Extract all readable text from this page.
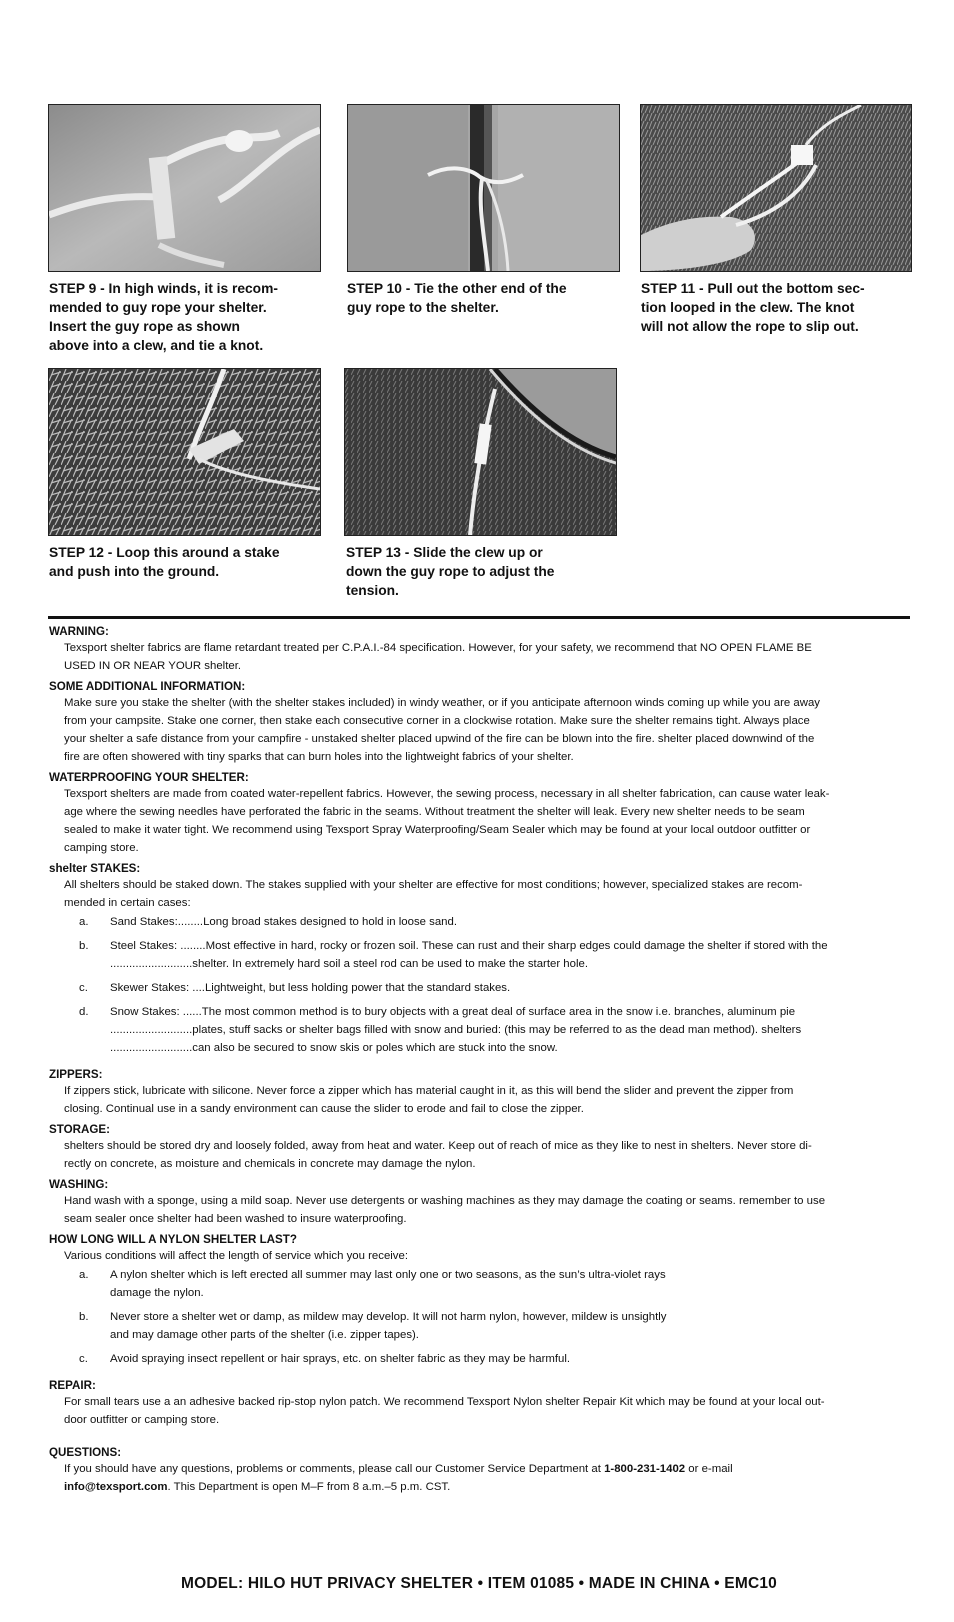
STEP 9 - In high winds, it is recom-
mended to guy rope your shelter.
Insert the guy rope as shown
above into a clew, and tie a knot.
STEP 10 - Tie the other end of the
guy rope to the shelter.
STEP 11 - Pull out the bottom sec-
tion looped in the clew. The knot
will not allow the rope to slip out.
STEP 12 - Loop this around a stake
and push into the ground.
STEP 13 - Slide the clew up or
down the guy rope to adjust the
tension.
WARNING:
Texsport shelter fabrics are flame retardant treated per C.P.A.I.-84 specification. However, for your safety, we recommend that NO OPEN FLAME BE
USED IN OR NEAR YOUR shelter.
SOME ADDITIONAL INFORMATION:
Make sure you stake the shelter (with the shelter stakes included) in windy weather, or if you anticipate afternoon winds coming up while you are away
from your campsite. Stake one corner, then stake each consecutive corner in a clockwise rotation. Make sure the shelter remains tight. Always place
your shelter a safe distance from your campfire - unstaked shelter placed upwind of the fire can be blown into the fire. shelter placed downwind of the
fire are often showered with tiny sparks that can burn holes into the lightweight fabrics of your shelter.
WATERPROOFING YOUR SHELTER:
Texsport shelters are made from coated water-repellent fabrics. However, the sewing process, necessary in all shelter fabrication, can cause water leak-
age where the sewing needles have perforated the fabric in the seams. Without treatment the shelter will leak. Every new shelter needs to be seam
sealed to make it water tight. We recommend using Texsport Spray Waterproofing/Seam Sealer which may be found at your local outdoor outfitter or
camping store.
shelter STAKES:
All shelters should be staked down. The stakes supplied with your shelter are effective for most conditions; however, specialized stakes are recom-
mended in certain cases:
a. Sand Stakes:........Long broad stakes designed to hold in loose sand.
b. Steel Stakes: ........Most effective in hard, rocky or frozen soil. These can rust and their sharp edges could damage the shelter if stored with the
..........................shelter. In extremely hard soil a steel rod can be used to make the starter hole.
c. Skewer Stakes: ....Lightweight, but less holding power that the standard stakes.
d. Snow Stakes: ......The most common method is to bury objects with a great deal of surface area in the snow i.e. branches, aluminum pie
..........................plates, stuff sacks or shelter bags filled with snow and buried: (this may be referred to as the dead man method). shelters
..........................can also be secured to snow skis or poles which are stuck into the snow.
ZIPPERS:
If zippers stick, lubricate with silicone. Never force a zipper which has material caught in it, as this will bend the slider and prevent the zipper from
closing. Continual use in a sandy environment can cause the slider to erode and fail to close the zipper.
STORAGE:
shelters should be stored dry and loosely folded, away from heat and water. Keep out of reach of mice as they like to nest in shelters. Never store di-
rectly on concrete, as moisture and chemicals in concrete may damage the nylon.
WASHING:
Hand wash with a sponge, using a mild soap. Never use detergents or washing machines as they may damage the coating or seams. remember to use
seam sealer once shelter had been washed to insure waterproofing.
HOW LONG WILL A NYLON SHELTER LAST?
Various conditions will affect the length of service which you receive:
a. A nylon shelter which is left erected all summer may last only one or two seasons, as the sun’s ultra-violet rays
damage the nylon.
b. Never store a shelter wet or damp, as mildew may develop. It will not harm nylon, however, mildew is unsightly
and may damage other parts of the shelter (i.e. zipper tapes).
c. Avoid spraying insect repellent or hair sprays, etc. on shelter fabric as they may be harmful.
REPAIR:
For small tears use a an adhesive backed rip-stop nylon patch. We recommend Texsport Nylon shelter Repair Kit which may be found at your local out-
door outfitter or camping store.
QUESTIONS:
If you should have any questions, problems or comments, please call our Customer Service Department at 1-800-231-1402 or e-mail
info@texsport.com. This Department is open M–F from 8 a.m.–5 p.m. CST.
MODEL: HILO HUT PRIVACY SHELTER • ITEM 01085 • MADE IN CHINA • EMC10
